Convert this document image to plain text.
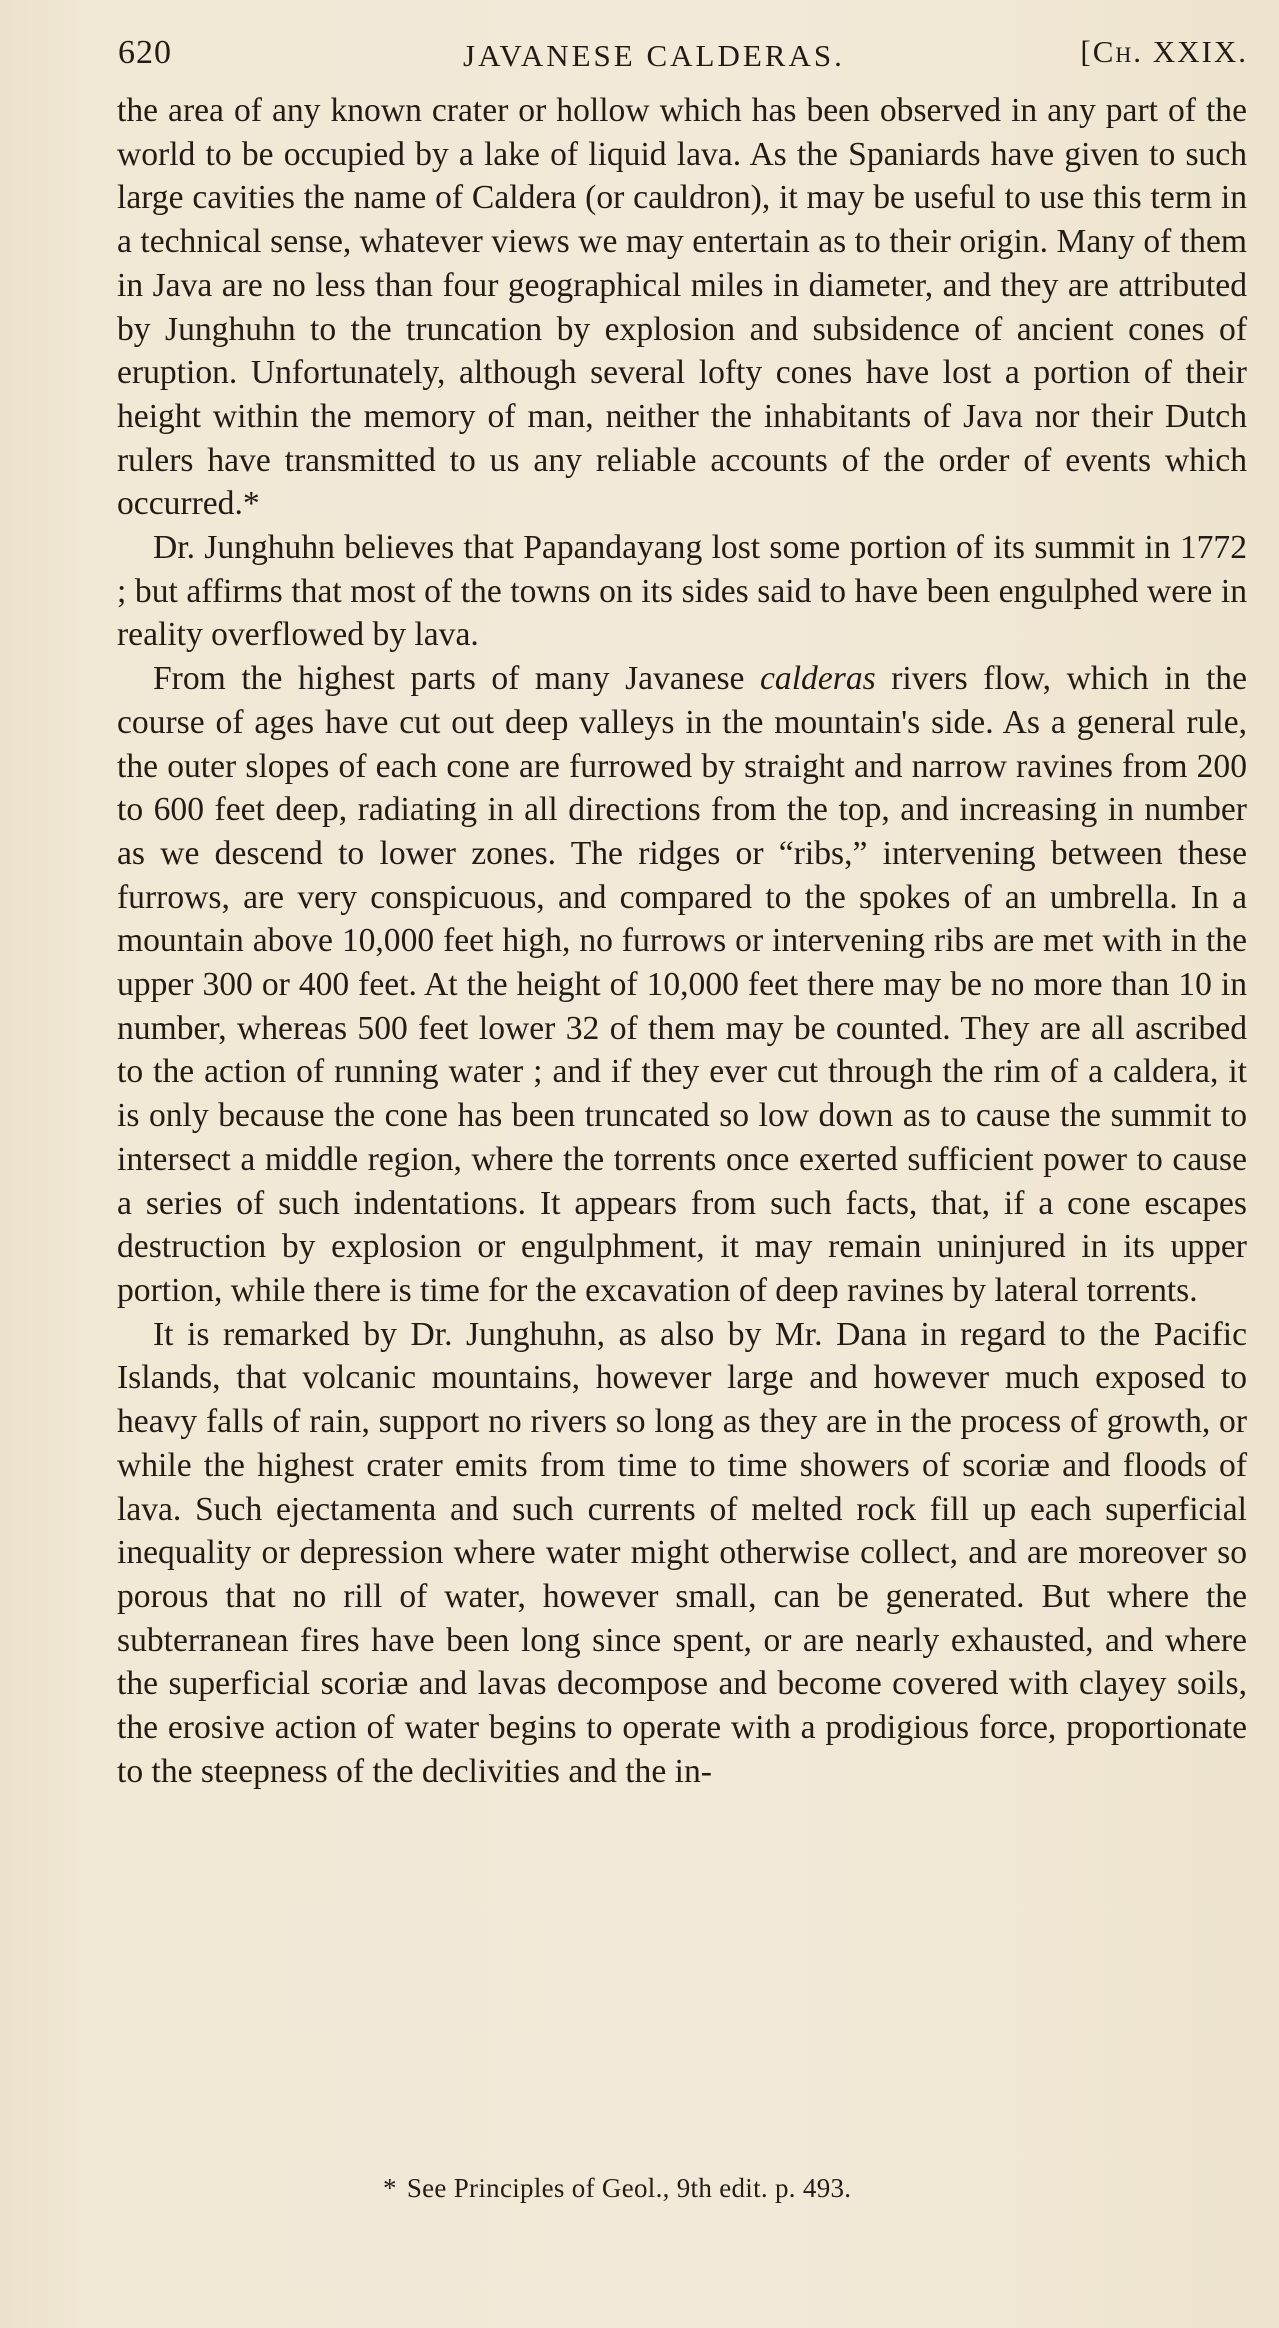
620	JAVANESE CALDERAS.	[Ch. XXIX.

the area of any known crater or hollow which has been observed in any part of the world to be occupied by a lake of liquid lava. As the Spaniards have given to such large cavities the name of Caldera (or cauldron), it may be useful to use this term in a technical sense, whatever views we may entertain as to their origin. Many of them in Java are no less than four geographical miles in diameter, and they are attributed by Junghuhn to the truncation by explosion and subsidence of ancient cones of eruption. Unfortunately, although several lofty cones have lost a portion of their height within the memory of man, neither the inhabitants of Java nor their Dutch rulers have transmitted to us any reliable accounts of the order of events which occurred.*

Dr. Junghuhn believes that Papandayang lost some portion of its summit in 1772 ; but affirms that most of the towns on its sides said to have been engulphed were in reality overflowed by lava.

From the highest parts of many Javanese calderas rivers flow, which in the course of ages have cut out deep valleys in the mountain's side. As a general rule, the outer slopes of each cone are furrowed by straight and narrow ravines from 200 to 600 feet deep, radiating in all directions from the top, and increasing in number as we descend to lower zones. The ridges or “ribs,” intervening between these furrows, are very conspicuous, and compared to the spokes of an umbrella. In a mountain above 10,000 feet high, no furrows or intervening ribs are met with in the upper 300 or 400 feet. At the height of 10,000 feet there may be no more than 10 in number, whereas 500 feet lower 32 of them may be counted. They are all ascribed to the action of running water ; and if they ever cut through the rim of a caldera, it is only because the cone has been truncated so low down as to cause the summit to intersect a middle region, where the torrents once exerted sufficient power to cause a series of such indentations. It appears from such facts, that, if a cone escapes destruction by explosion or engulphment, it may remain uninjured in its upper portion, while there is time for the excavation of deep ravines by lateral torrents.

It is remarked by Dr. Junghuhn, as also by Mr. Dana in regard to the Pacific Islands, that volcanic mountains, however large and however much exposed to heavy falls of rain, support no rivers so long as they are in the process of growth, or while the highest crater emits from time to time showers of scoriæ and floods of lava. Such ejectamenta and such currents of melted rock fill up each superficial inequality or depression where water might otherwise collect, and are moreover so porous that no rill of water, however small, can be generated. But where the subterranean fires have been long since spent, or are nearly exhausted, and where the superficial scoriæ and lavas decompose and become covered with clayey soils, the erosive action of water begins to operate with a prodigious force, proportionate to the steepness of the declivities and the in-

* See Principles of Geol., 9th edit. p. 493.
